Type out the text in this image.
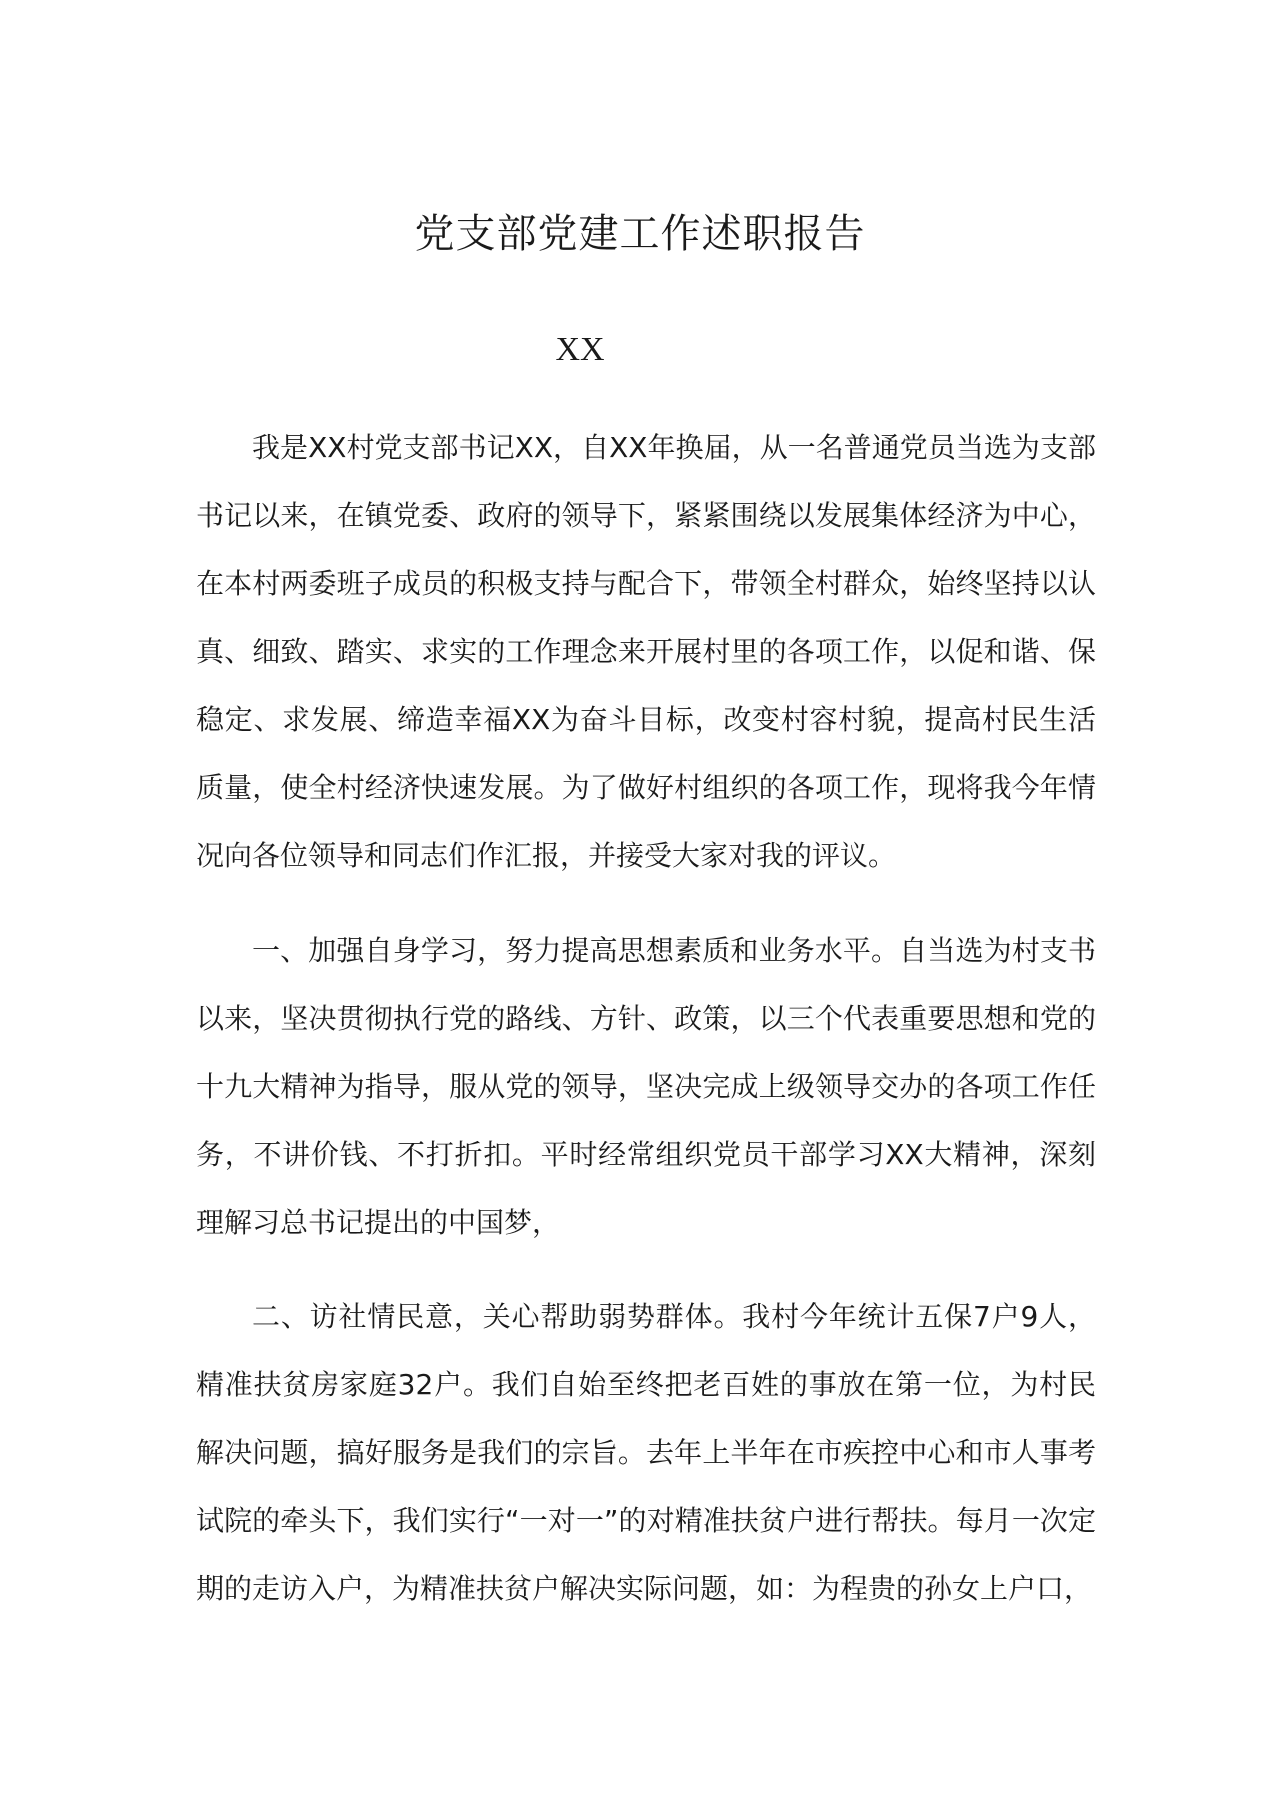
党支部党建工作述职报告
XX

我是XX村党支部书记XX，自XX年换届，从一名普通党员当选为支部书记以来，在镇党委、政府的领导下，紧紧围绕以发展集体经济为中心，在本村两委班子成员的积极支持与配合下，带领全村群众，始终坚持以认真、细致、踏实、求实的工作理念来开展村里的各项工作，以促和谐、保稳定、求发展、缔造幸福XX为奋斗目标，改变村容村貌，提高村民生活质量，使全村经济快速发展。为了做好村组织的各项工作，现将我今年情况向各位领导和同志们作汇报，并接受大家对我的评议。

一、加强自身学习，努力提高思想素质和业务水平。自当选为村支书以来，坚决贯彻执行党的路线、方针、政策，以三个代表重要思想和党的十九大精神为指导，服从党的领导，坚决完成上级领导交办的各项工作任务，不讲价钱、不打折扣。平时经常组织党员干部学习XX大精神，深刻理解习总书记提出的中国梦，

二、访社情民意，关心帮助弱势群体。我村今年统计五保7户9人，精准扶贫房家庭32户。我们自始至终把老百姓的事放在第一位，为村民解决问题，搞好服务是我们的宗旨。去年上半年在市疾控中心和市人事考试院的牵头下，我们实行“一对一”的对精准扶贫户进行帮扶。每月一次定期的走访入户，为精准扶贫户解决实际问题，如：为程贵的孙女上户口，
